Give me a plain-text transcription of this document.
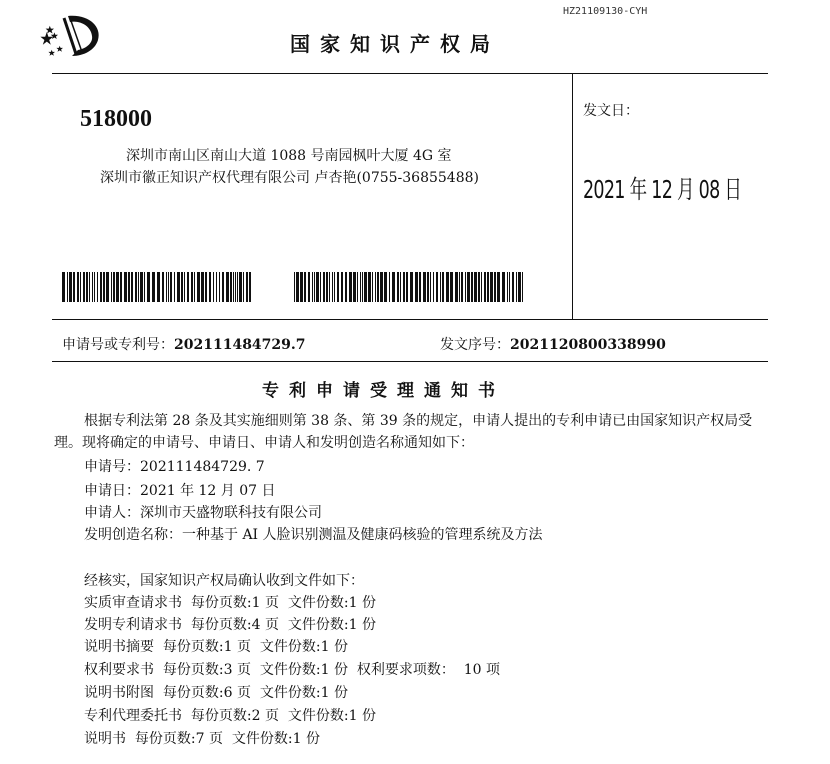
HZ21109130-CYH
国家知识产权局
518000
深圳市南山区南山大道 1088 号南园枫叶大厦 4G 室
深圳市徽正知识产权代理有限公司 卢杏艳(0755-36855488)
发文日：
2021 年 12 月 08 日
申请号或专利号：202111484729.7	发文序号：2021120800338990
专利申请受理通知书
根据专利法第 28 条及其实施细则第 38 条、第 39 条的规定，申请人提出的专利申请已由国家知识产权局受理。现将确定的申请号、申请日、申请人和发明创造名称通知如下：
申请号：202111484729. 7
申请日：2021 年 12 月 07 日
申请人：深圳市天盛物联科技有限公司
发明创造名称：一种基于 AI 人脸识别测温及健康码核验的管理系统及方法
经核实，国家知识产权局确认收到文件如下：
实质审查请求书  每份页数:1 页  文件份数:1 份
发明专利请求书  每份页数:4 页  文件份数:1 份
说明书摘要  每份页数:1 页  文件份数:1 份
权利要求书  每份页数:3 页  文件份数:1 份  权利要求项数：  10 项
说明书附图  每份页数:6 页  文件份数:1 份
专利代理委托书  每份页数:2 页  文件份数:1 份
说明书  每份页数:7 页  文件份数:1 份
